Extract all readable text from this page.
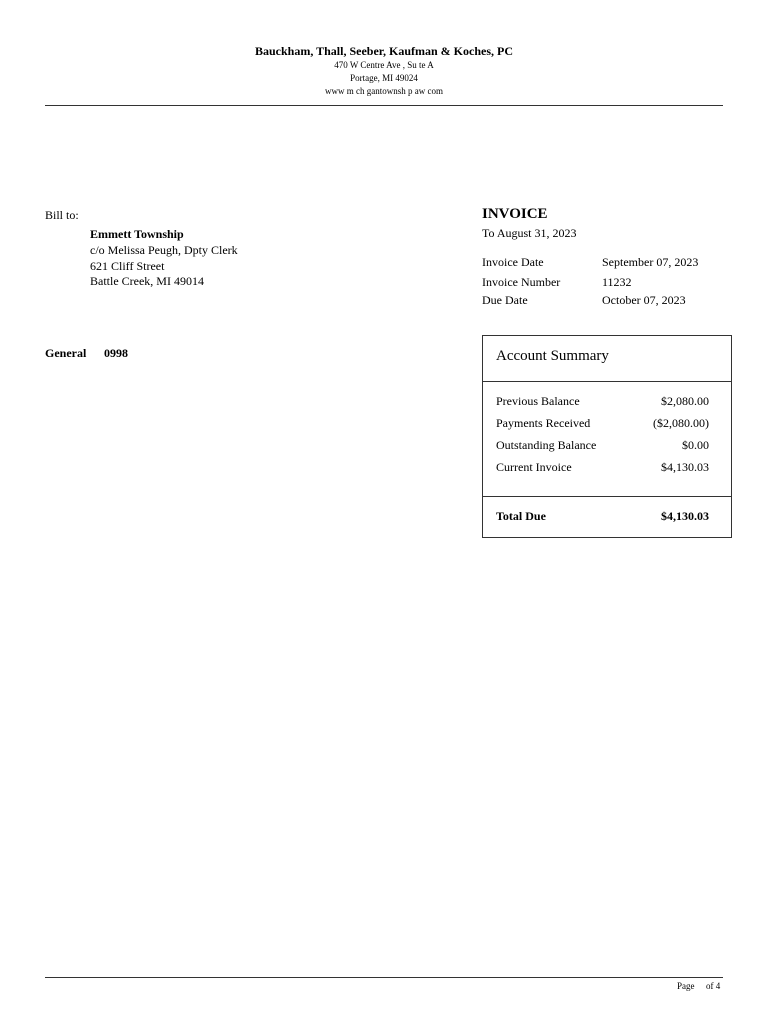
Bauckham, Thall, Seeber, Kaufman & Koches, PC
470 W Centre Ave , Su te A
Portage, MI 49024
www m ch gantownsh p aw com
Bill to:
Emmett Township
c/o Melissa Peugh, Dpty Clerk
621 Cliff Street
Battle Creek, MI 49014
INVOICE
To August 31, 2023
Invoice Date	September 07, 2023
Invoice Number	11232
Due Date	October 07, 2023
General 0998	Account Summary
Previous Balance	$2,080.00
Payments Received	($2,080.00)
Outstanding Balance	$0.00
Current Invoice	$4,130.03
Total Due	$4,130.03
Page of 4
